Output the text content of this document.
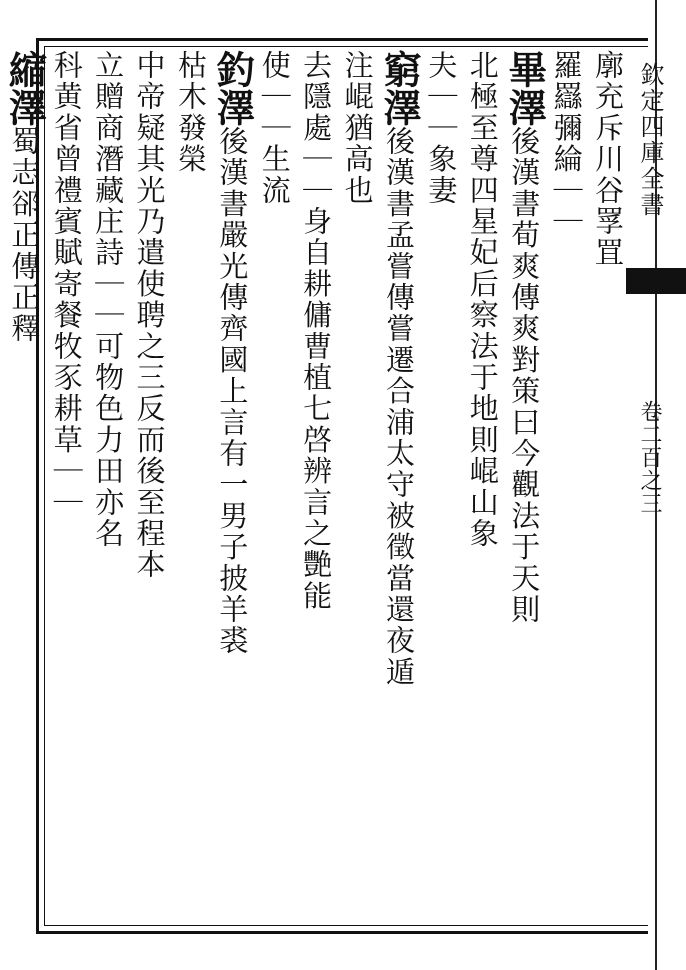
欽定四庫全書
卷二百之三
廓充斥川谷罦罝
羅羉彌綸｜｜
畢澤後漢書荀爽傳爽對策曰今觀法于天則
北極至尊四星妃后察法于地則崐山象
夫｜｜象妻
窮澤後漢書孟嘗傳嘗遷合浦太守被徵當還夜遁
注崐猶高也
去隱處｜｜身自耕傭曹植七啓辨言之艷能
使｜｜生流
釣澤後漢書嚴光傳齊國上言有一男子披羊裘
枯木發榮
中帝疑其光乃遣使聘之三反而後至程本
立贈商潛藏庄詩｜｜可物色力田亦名
科黄省曾禮賓賦寄餐牧豕耕草｜｜
縮澤蜀志郤正傳正釋
